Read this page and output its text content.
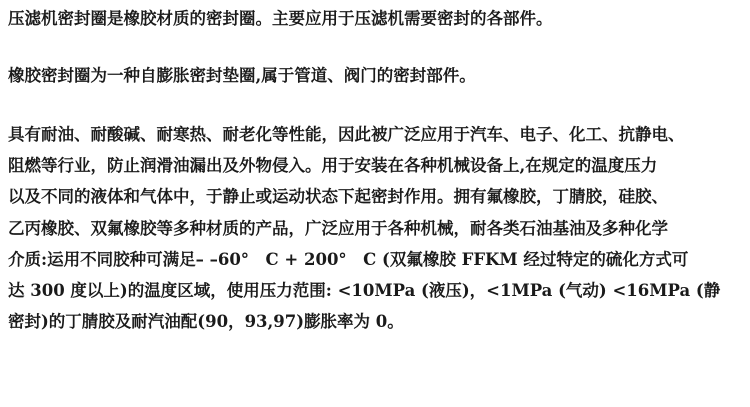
压滤机密封圈是橡胶材质的密封圈。主要应用于压滤机需要密封的各部件。
橡胶密封圈为一种自膨胀密封垫圈,属于管道、阀门的密封部件。
具有耐油、耐酸碱、耐寒热、耐老化等性能，因此被广泛应用于汽车、电子、化工、抗静电、
阻燃等行业，防止润滑油漏出及外物侵入。用于安装在各种机械设备上,在规定的温度压力
以及不同的液体和气体中，于静止或运动状态下起密封作用。拥有氟橡胶，丁腈胶，硅胶、
乙丙橡胶、双氟橡胶等多种材质的产品，广泛应用于各种机械，耐各类石油基油及多种化学
介质:运用不同胶种可满足– –60°　C + 200°　C (双氟橡胶 FFKM 经过特定的硫化方式可
达 300 度以上)的温度区域，使用压力范围: <10MPa (液压)，<1MPa (气动) <16MPa (静
密封)的丁腈胶及耐汽油配(90，93,97)膨胀率为 0。
